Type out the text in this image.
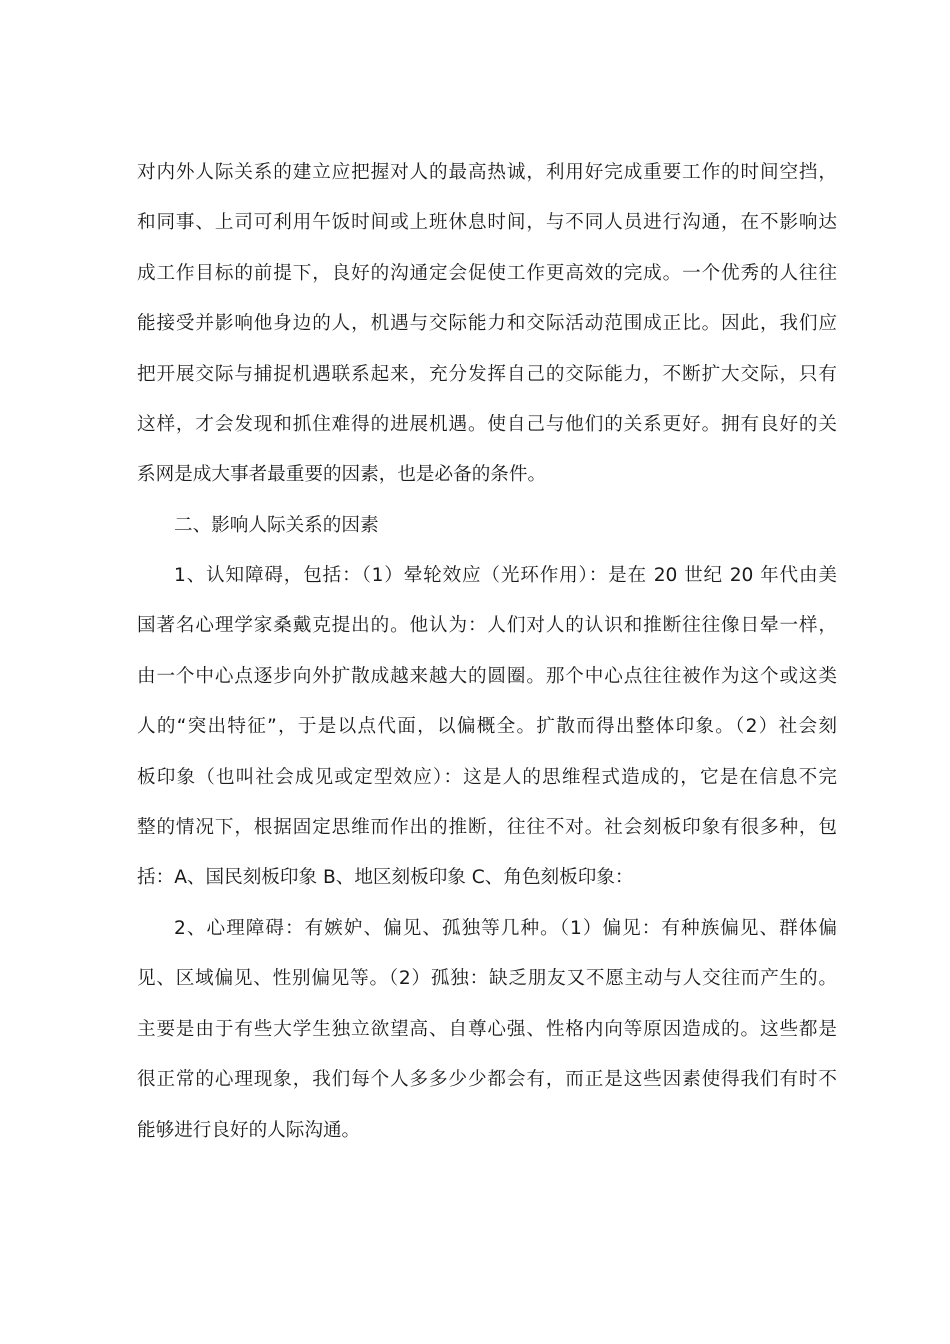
对内外人际关系的建立应把握对人的最高热诚，利用好完成重要工作的时间空挡，
和同事、上司可利用午饭时间或上班休息时间，与不同人员进行沟通，在不影响达
成工作目标的前提下，良好的沟通定会促使工作更高效的完成。一个优秀的人往往
能接受并影响他身边的人，机遇与交际能力和交际活动范围成正比。因此，我们应
把开展交际与捕捉机遇联系起来，充分发挥自己的交际能力，不断扩大交际，只有
这样，才会发现和抓住难得的进展机遇。使自己与他们的关系更好。拥有良好的关
系网是成大事者最重要的因素，也是必备的条件。
二、影响人际关系的因素
1、认知障碍，包括：（1）晕轮效应（光环作用）：是在 20 世纪 20 年代由美
国著名心理学家桑戴克提出的。他认为：人们对人的认识和推断往往像日晕一样，
由一个中心点逐步向外扩散成越来越大的圆圈。那个中心点往往被作为这个或这类
人的“突出特征”，于是以点代面，以偏概全。扩散而得出整体印象。（2）社会刻
板印象（也叫社会成见或定型效应）：这是人的思维程式造成的，它是在信息不完
整的情况下，根据固定思维而作出的推断，往往不对。社会刻板印象有很多种，包
括：A、国民刻板印象 B、地区刻板印象 C、角色刻板印象：
2、心理障碍：有嫉妒、偏见、孤独等几种。（1）偏见：有种族偏见、群体偏
见、区域偏见、性别偏见等。（2）孤独：缺乏朋友又不愿主动与人交往而产生的。
主要是由于有些大学生独立欲望高、自尊心强、性格内向等原因造成的。这些都是
很正常的心理现象，我们每个人多多少少都会有，而正是这些因素使得我们有时不
能够进行良好的人际沟通。
